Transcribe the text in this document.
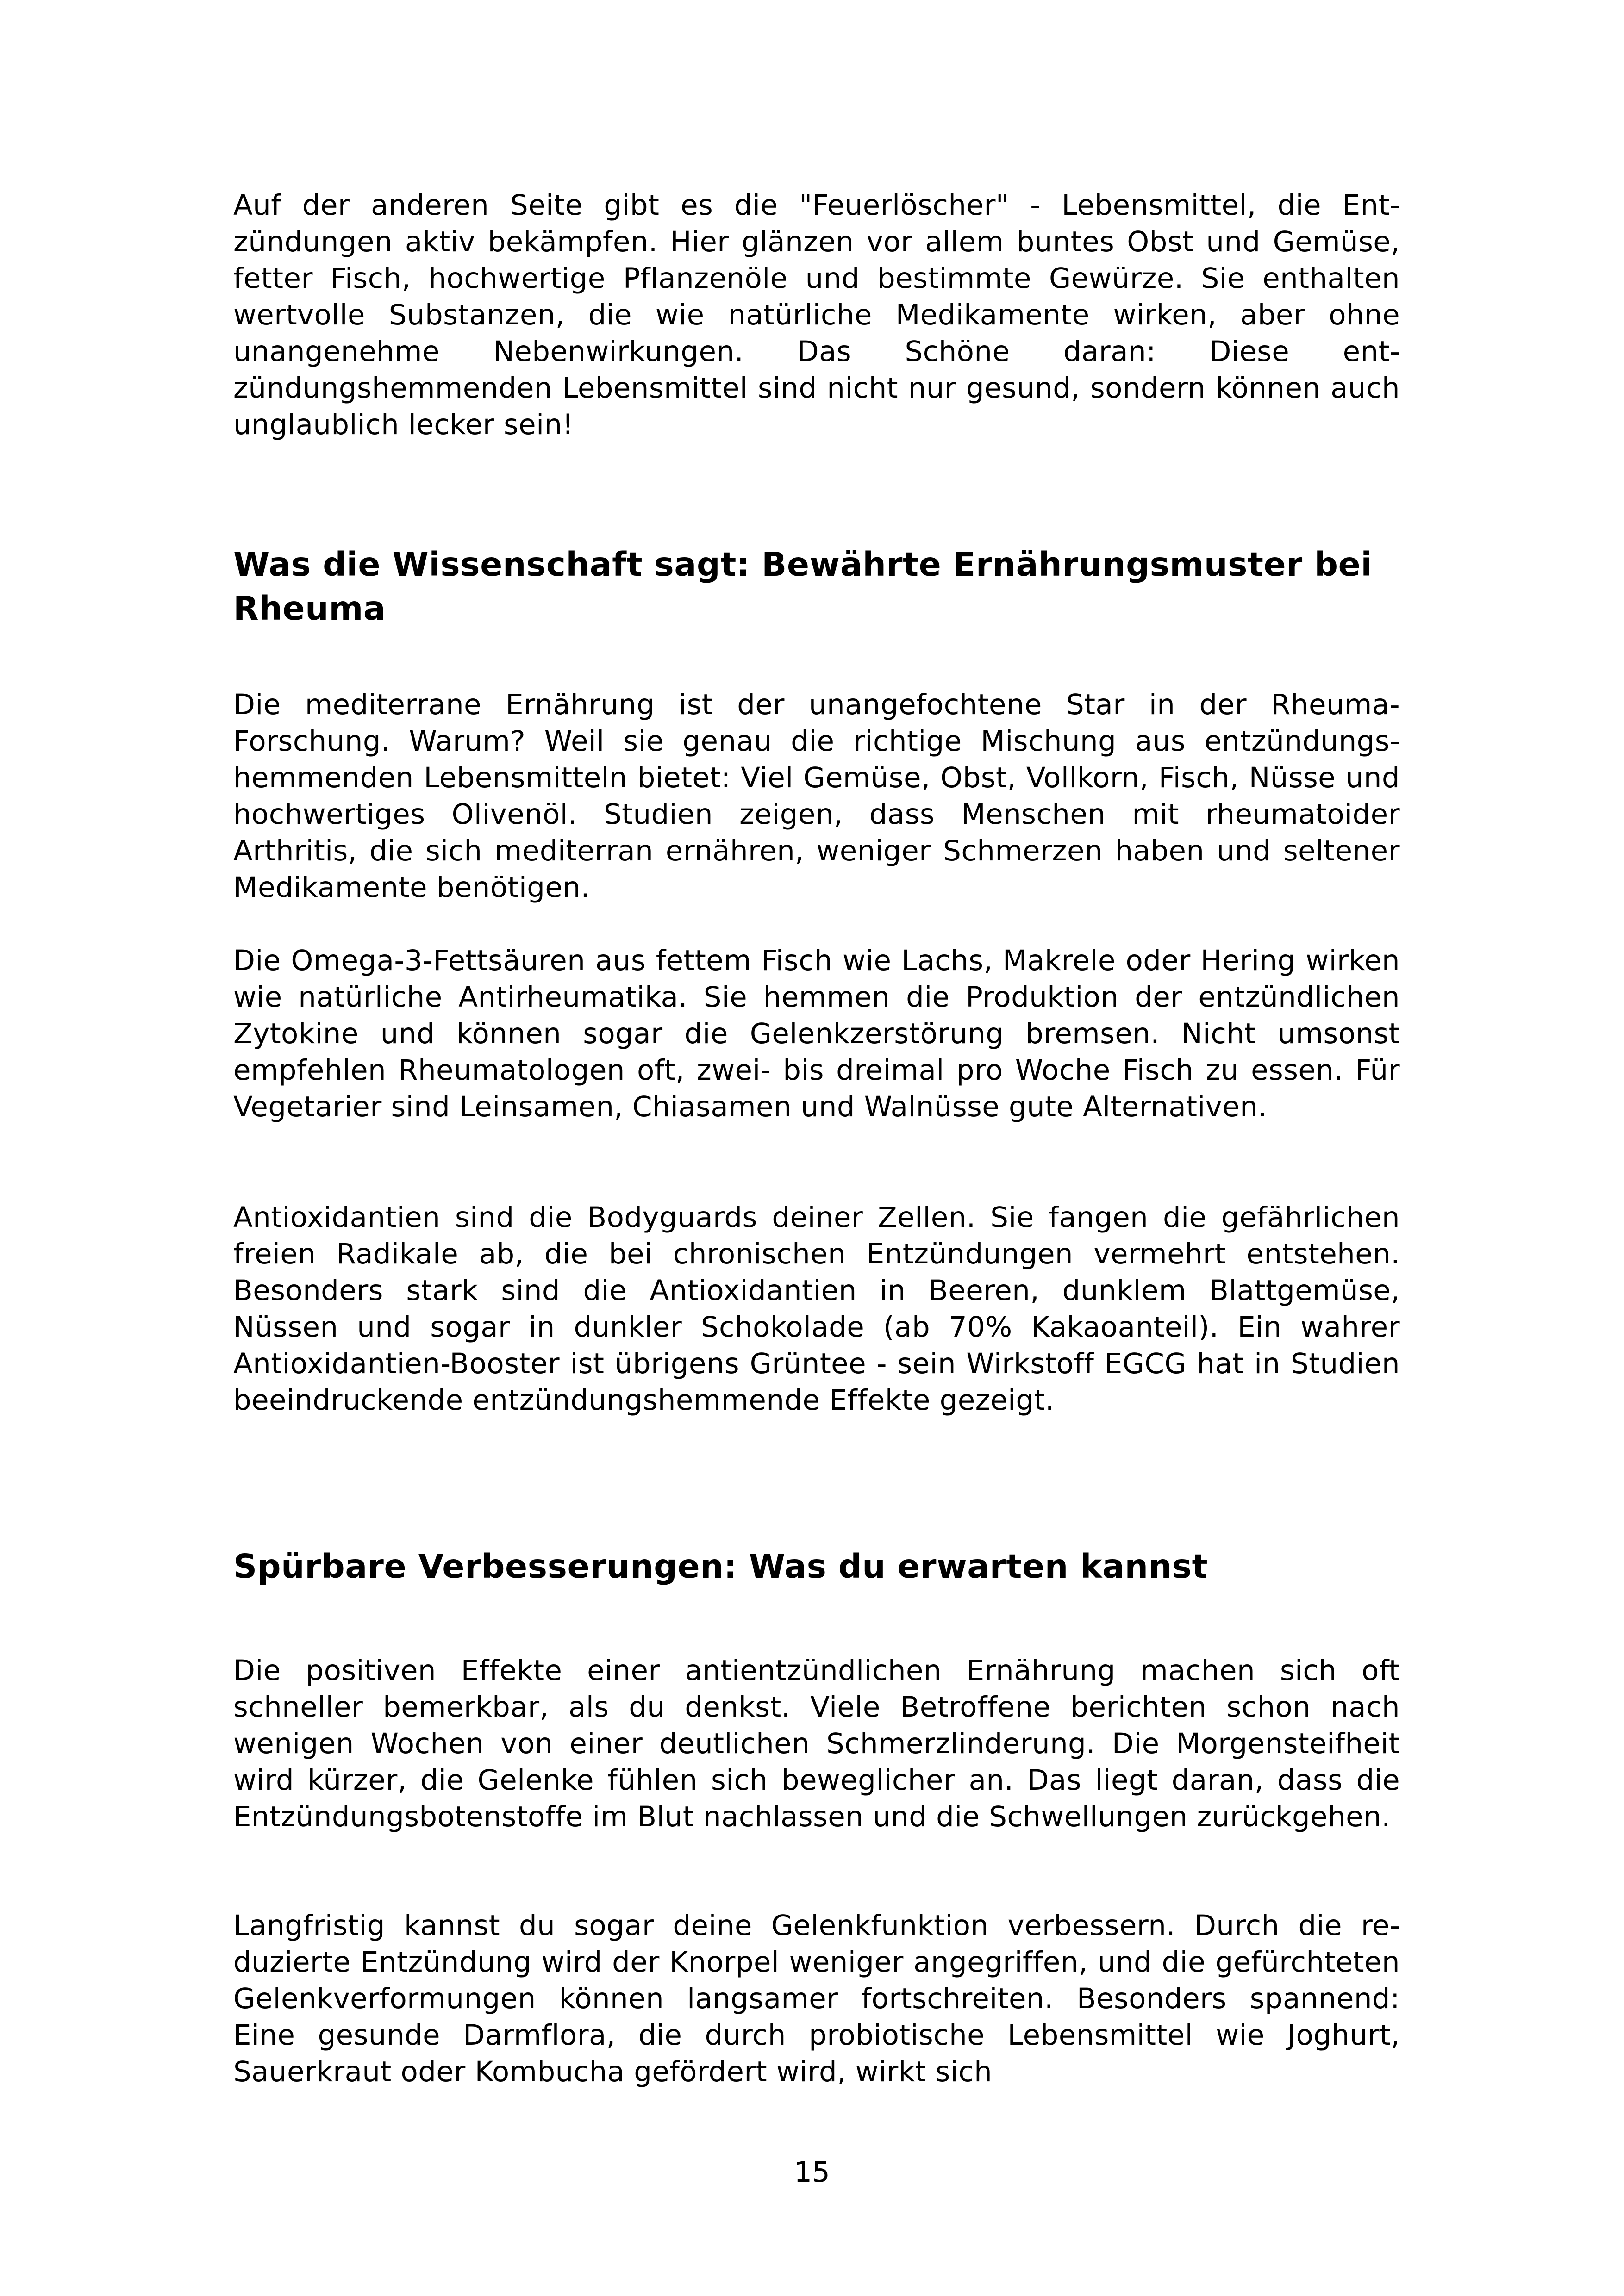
Auf der anderen Seite gibt es die "Feuerlöscher" - Lebensmittel, die Entzündungen aktiv bekämpfen. Hier glänzen vor allem buntes Obst und Gemüse, fetter Fisch, hochwertige Pflanzenöle und bestimmte Gewürze. Sie enthalten wertvolle Substanzen, die wie natürliche Medikamente wirken, aber ohne unangenehme Nebenwirkungen. Das Schöne daran: Diese entzündungshemmenden Lebensmittel sind nicht nur gesund, sondern können auch unglaublich lecker sein!

Was die Wissenschaft sagt: Bewährte Ernährungsmuster bei Rheuma

Die mediterrane Ernährung ist der unangefochtene Star in der Rheuma-Forschung. Warum? Weil sie genau die richtige Mischung aus entzündungshemmenden Lebensmitteln bietet: Viel Gemüse, Obst, Vollkorn, Fisch, Nüsse und hochwertiges Olivenöl. Studien zeigen, dass Menschen mit rheumatoider Arthritis, die sich mediterran ernähren, weniger Schmerzen haben und seltener Medikamente benötigen.

Die Omega-3-Fettsäuren aus fettem Fisch wie Lachs, Makrele oder Hering wirken wie natürliche Antirheumatika. Sie hemmen die Produktion der entzündlichen Zytokine und können sogar die Gelenkzerstörung bremsen. Nicht umsonst empfehlen Rheumatologen oft, zwei- bis dreimal pro Woche Fisch zu essen. Für Vegetarier sind Leinsamen, Chiasamen und Walnüsse gute Alternativen.

Antioxidantien sind die Bodyguards deiner Zellen. Sie fangen die gefährlichen freien Radikale ab, die bei chronischen Entzündungen vermehrt entstehen. Besonders stark sind die Antioxidantien in Beeren, dunklem Blattgemüse, Nüssen und sogar in dunkler Schokolade (ab 70% Kakaoanteil). Ein wahrer Antioxidantien-Booster ist übrigens Grüntee - sein Wirkstoff EGCG hat in Studien beeindruckende entzündungshemmende Effekte gezeigt.

Spürbare Verbesserungen: Was du erwarten kannst

Die positiven Effekte einer antientzündlichen Ernährung machen sich oft schneller bemerkbar, als du denkst. Viele Betroffene berichten schon nach wenigen Wochen von einer deutlichen Schmerzlinderung. Die Morgensteifheit wird kürzer, die Gelenke fühlen sich beweglicher an. Das liegt daran, dass die Entzündungsbotenstoffe im Blut nachlassen und die Schwellungen zurückgehen.

Langfristig kannst du sogar deine Gelenkfunktion verbessern. Durch die reduzierte Entzündung wird der Knorpel weniger angegriffen, und die gefürchteten Gelenkverformungen können langsamer fortschreiten. Besonders spannend: Eine gesunde Darmflora, die durch probiotische Lebensmittel wie Joghurt, Sauerkraut oder Kombucha gefördert wird, wirkt sich

15
